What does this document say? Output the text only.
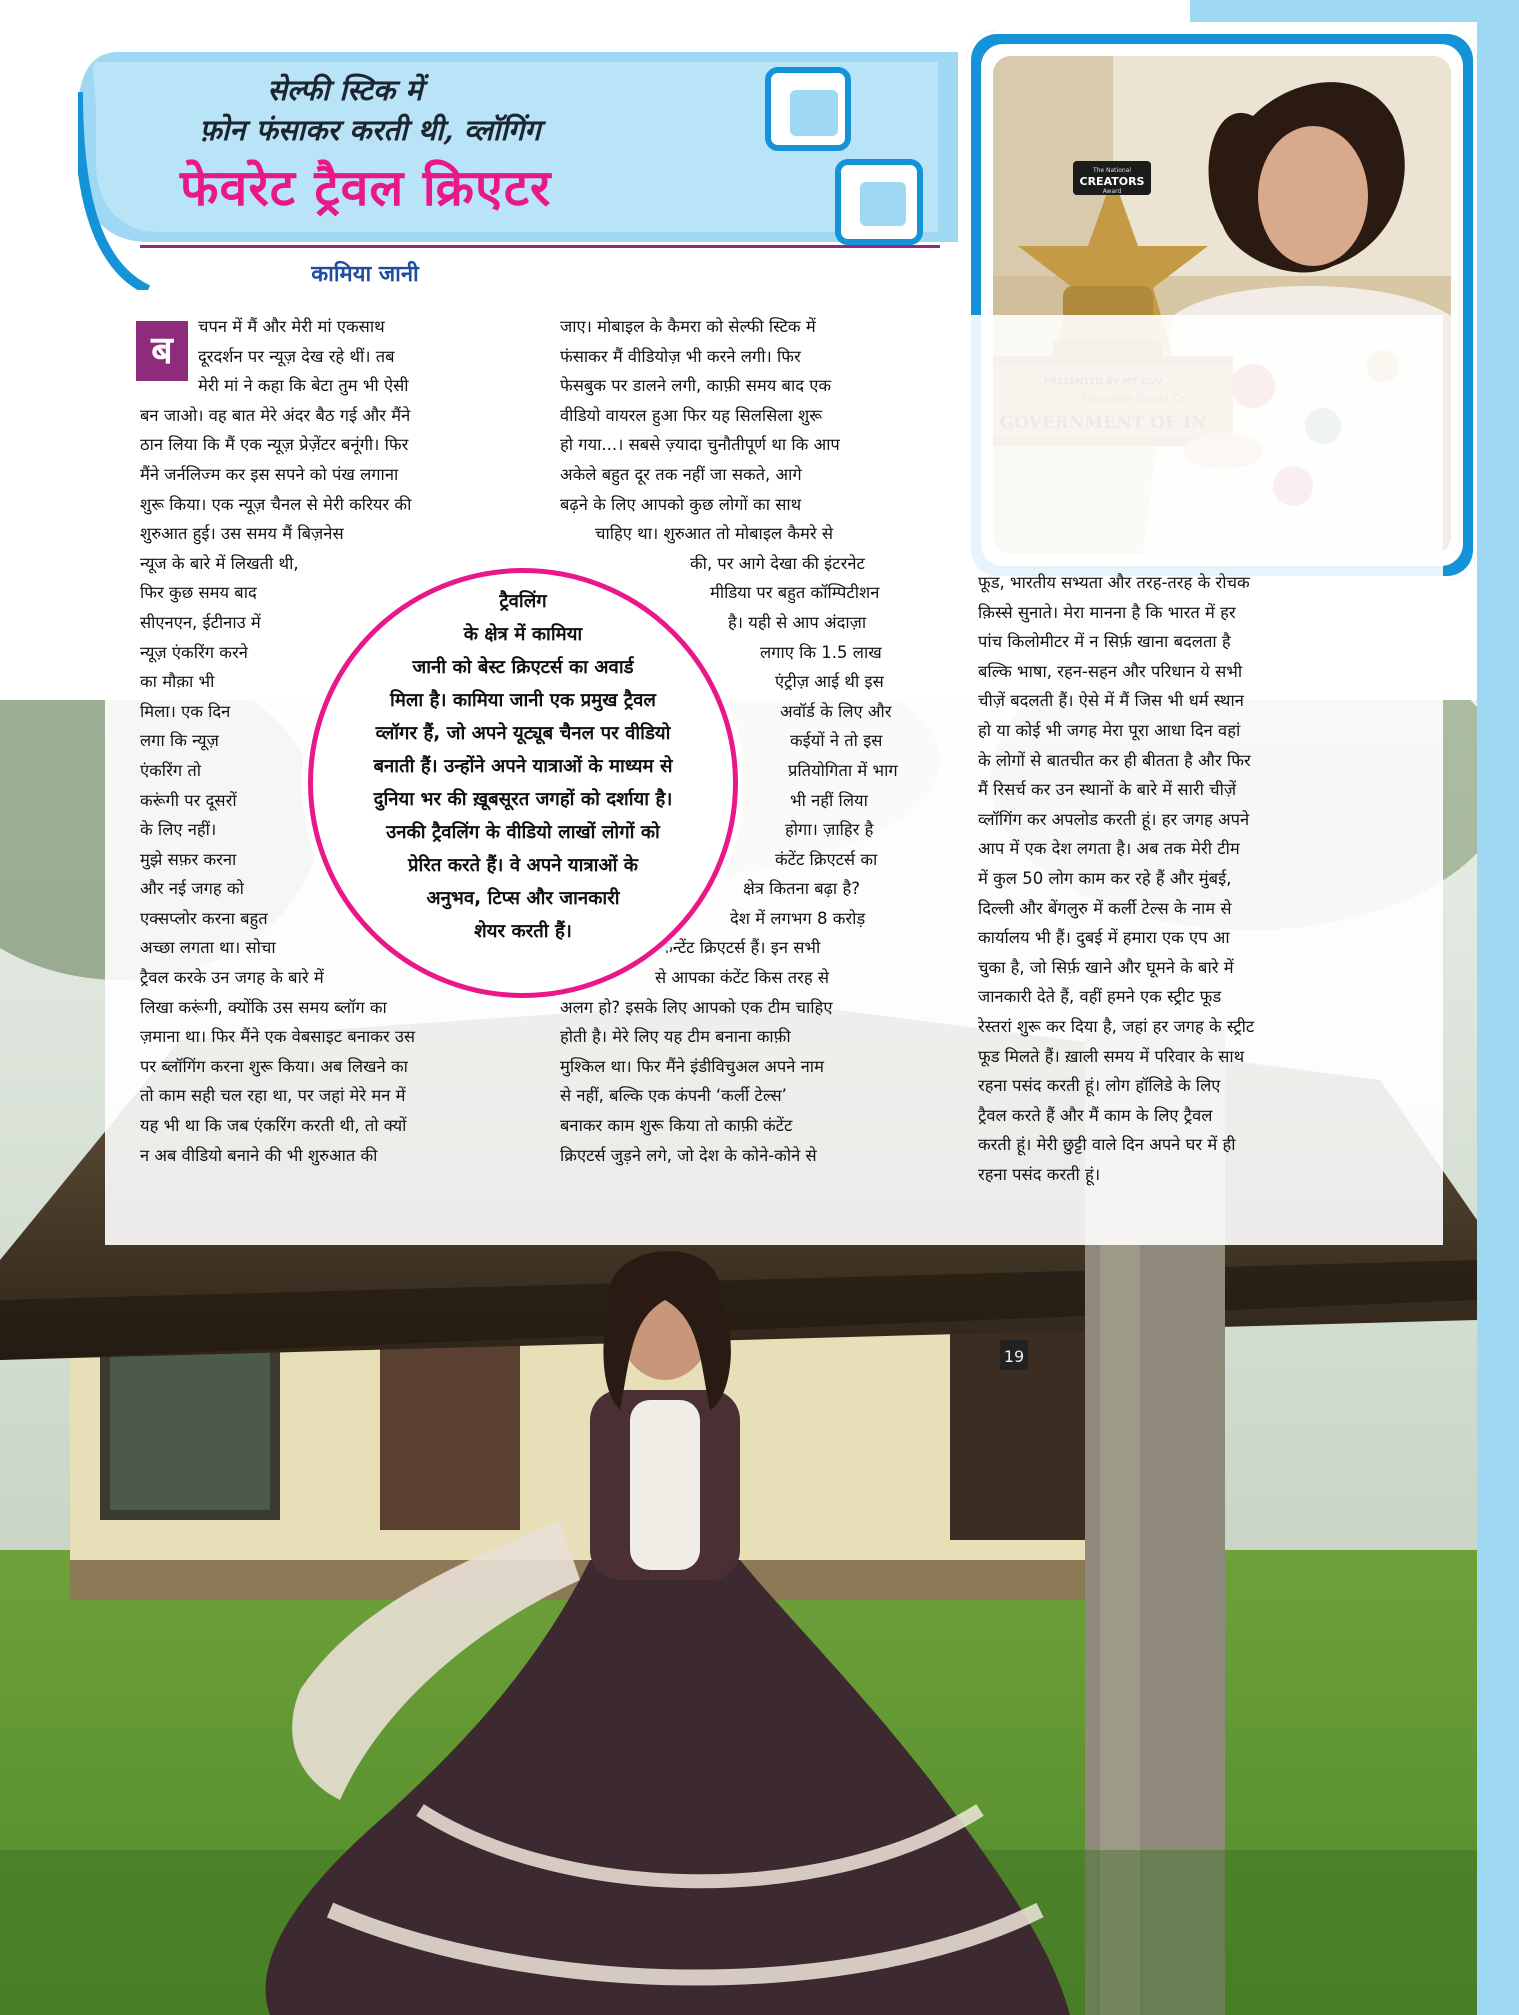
19
सेल्फी स्टिक में
फ़ोन फंसाकर करती थी, व्लॉगिंग
फेवरेट ट्रैवल क्रिएटर
कामिया जानी
The National
CREATORS
Award
ब
चपन में मैं और मेरी मां एकसाथ
दूरदर्शन पर न्यूज़ देख रहे थीं। तब
मेरी मां ने कहा कि बेटा तुम भी ऐसी
बन जाओ। वह बात मेरे अंदर बैठ गई और मैंने
ठान लिया कि मैं एक न्यूज़ प्रेज़ेंटर बनूंगी। फिर
मैंने जर्नलिज्म कर इस सपने को पंख लगाना
शुरू किया। एक न्यूज़ चैनल से मेरी करियर की
शुरुआत हुई। उस समय मैं बिज़नेस
न्यूज के बारे में लिखती थी,
फिर कुछ समय बाद
सीएनएन, ईटीनाउ में
न्यूज़ एंकरिंग करने
का मौक़ा भी
मिला। एक दिन
लगा कि न्यूज़
एंकरिंग तो
करूंगी पर दूसरों
के लिए नहीं।
मुझे सफ़र करना
और नई जगह को
एक्सप्लोर करना बहुत
अच्छा लगता था। सोचा
ट्रैवल करके उन जगह के बारे में
लिखा करूंगी, क्योंकि उस समय ब्लॉग का
ज़माना था। फिर मैंने एक वेबसाइट बनाकर उस
पर ब्लॉगिंग करना शुरू किया। अब लिखने का
तो काम सही चल रहा था, पर जहां मेरे मन में
यह भी था कि जब एंकरिंग करती थी, तो क्यों
न अब वीडियो बनाने की भी शुरुआत की
जाए। मोबाइल के कैमरा को सेल्फी स्टिक में
फंसाकर मैं वीडियोज़ भी करने लगी। फिर
फेसबुक पर डालने लगी, काफ़ी समय बाद एक
वीडियो वायरल हुआ फिर यह सिलसिला शुरू
हो गया...। सबसे ज़्यादा चुनौतीपूर्ण था कि आप
अकेले बहुत दूर तक नहीं जा सकते, आगे
बढ़ने के लिए आपको कुछ लोगों का साथ
चाहिए था। शुरुआत तो मोबाइल कैमरे से
की, पर आगे देखा की इंटरनेट
मीडिया पर बहुत कॉम्पिटीशन
है। यही से आप अंदाज़ा
लगाए कि 1.5 लाख
एंट्रीज़ आई थी इस
अवॉर्ड के लिए और
कईयों ने तो इस
प्रतियोगिता में भाग
भी नहीं लिया
होगा। ज़ाहिर है
कंटेंट क्रिएटर्स का
क्षेत्र कितना बढ़ा है?
देश में लगभग 8 करोड़
कंन्टेंट क्रिएटर्स हैं। इन सभी
से आपका कंटेंट किस तरह से
अलग हो? इसके लिए आपको एक टीम चाहिए
होती है। मेरे लिए यह टीम बनाना काफ़ी
मुश्किल था। फिर मैंने इंडीविचुअल अपने नाम
से नहीं, बल्कि एक कंपनी ‘कर्ली टेल्स’
बनाकर काम शुरू किया तो काफ़ी कंटेंट
क्रिएटर्स जुड़ने लगे, जो देश के कोने-कोने से
फूड, भारतीय सभ्यता और तरह-तरह के रोचक
क़िस्से सुनाते। मेरा मानना है कि भारत में हर
पांच किलोमीटर में न सिर्फ़ खाना बदलता है
बल्कि भाषा, रहन-सहन और परिधान ये सभी
चीज़ें बदलती हैं। ऐसे में मैं जिस भी धर्म स्थान
हो या कोई भी जगह मेरा पूरा आधा दिन वहां
के लोगों से बातचीत कर ही बीतता है और फिर
मैं रिसर्च कर उन स्थानों के बारे में सारी चीज़ें
व्लॉगिंग कर अपलोड करती हूं। हर जगह अपने
आप में एक देश लगता है। अब तक मेरी टीम
में कुल 50 लोग काम कर रहे हैं और मुंबई,
दिल्ली और बेंगलुरु में कर्ली टेल्स के नाम से
कार्यालय भी हैं। दुबई में हमारा एक एप आ
चुका है, जो सिर्फ़ खाने और घूमने के बारे में
जानकारी देते हैं, वहीं हमने एक स्ट्रीट फूड
रेस्तरां शुरू कर दिया है, जहां हर जगह के स्ट्रीट
फूड मिलते हैं। ख़ाली समय में परिवार के साथ
रहना पसंद करती हूं। लोग हॉलिडे के लिए
ट्रैवल करते हैं और मैं काम के लिए ट्रैवल
करती हूं। मेरी छुट्टी वाले दिन अपने घर में ही
रहना पसंद करती हूं।
ट्रैवलिंग
के क्षेत्र में कामिया
जानी को बेस्ट क्रिएटर्स का अवार्ड
मिला है। कामिया जानी एक प्रमुख ट्रैवल
व्लॉगर हैं, जो अपने यूट्यूब चैनल पर वीडियो
बनाती हैं। उन्होंने अपने यात्राओं के माध्यम से
दुनिया भर की ख़ूबसूरत जगहों को दर्शाया है।
उनकी ट्रैवलिंग के वीडियो लाखों लोगों को
प्रेरित करते हैं। वे अपने यात्राओं के
अनुभव, टिप्स और जानकारी
शेयर करती हैं।
